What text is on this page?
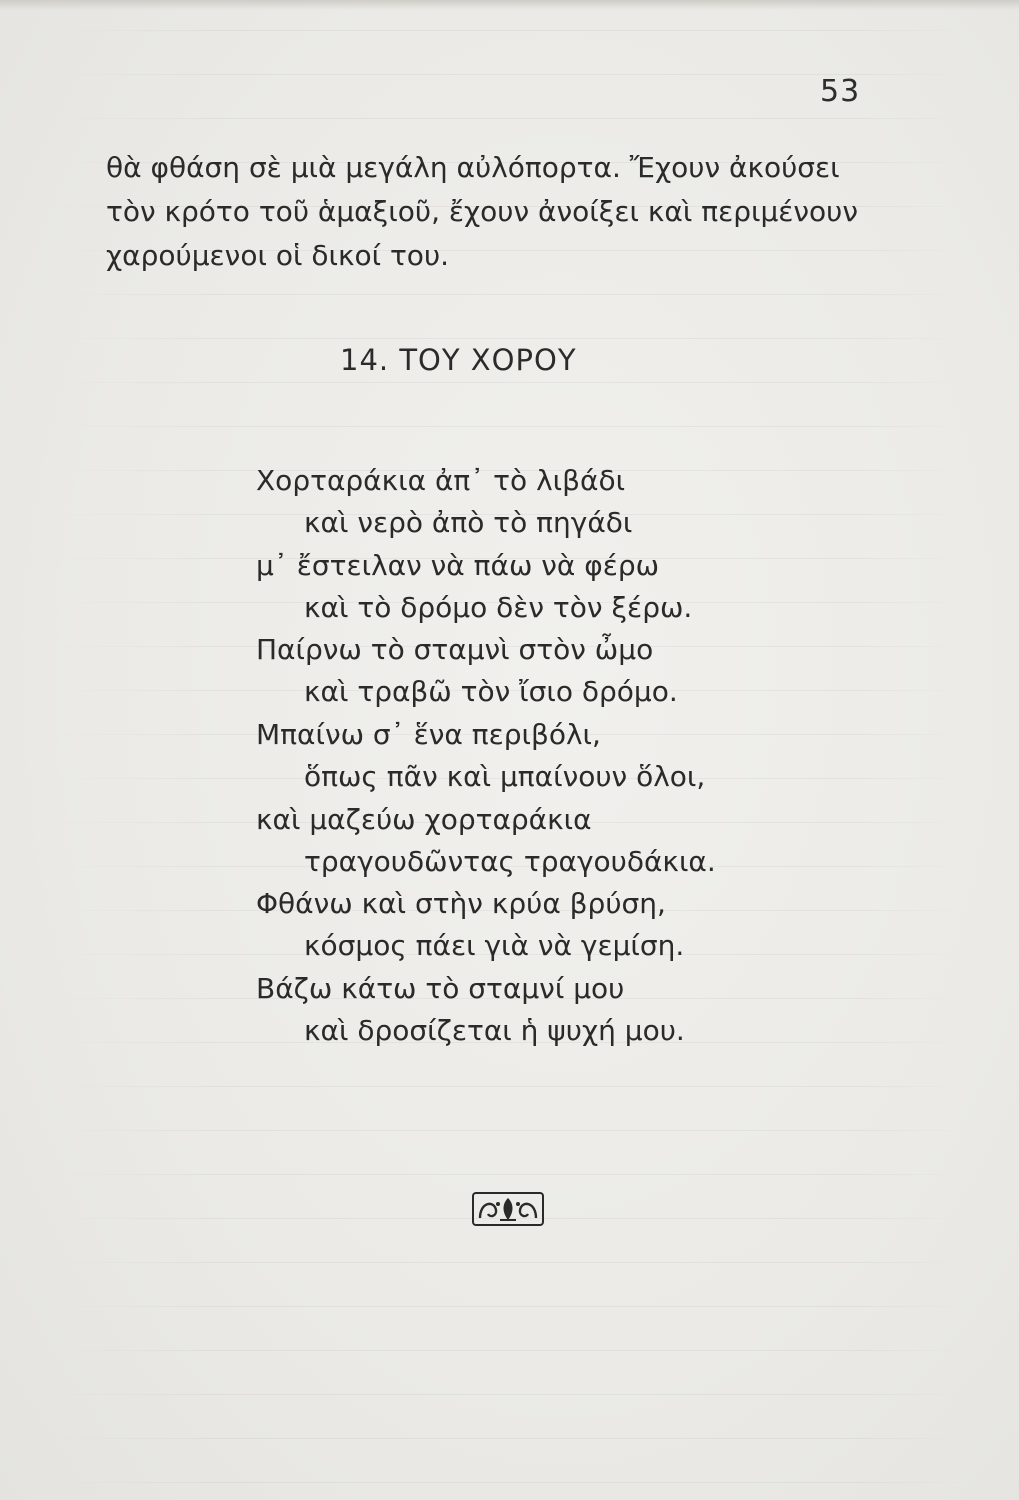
53
θὰ φθάση σὲ μιὰ μεγάλη αὐλόπορτα. Ἔχουν ἀκούσει
τὸν κρότο τοῦ ἁμαξιοῦ, ἔχουν ἀνοίξει καὶ περιμένουν
χαρούμενοι οἱ δικοί του.
14. ΤΟΥ ΧΟΡΟΥ
Χορταράκια ἀπ᾽ τὸ λιβάδι
καὶ νερὸ ἀπὸ τὸ πηγάδι
μ᾽ ἔστειλαν νὰ πάω νὰ φέρω
καὶ τὸ δρόμο δὲν τὸν ξέρω.
Παίρνω τὸ σταμνὶ στὸν ὦμο
καὶ τραβῶ τὸν ἴσιο δρόμο.
Μπαίνω σ᾽ ἕνα περιβόλι,
ὅπως πᾶν καὶ μπαίνουν ὅλοι,
καὶ μαζεύω χορταράκια
τραγουδῶντας τραγουδάκια.
Φθάνω καὶ στὴν κρύα βρύση,
κόσμος πάει γιὰ νὰ γεμίση.
Βάζω κάτω τὸ σταμνί μου
καὶ δροσίζεται ἡ ψυχή μου.
